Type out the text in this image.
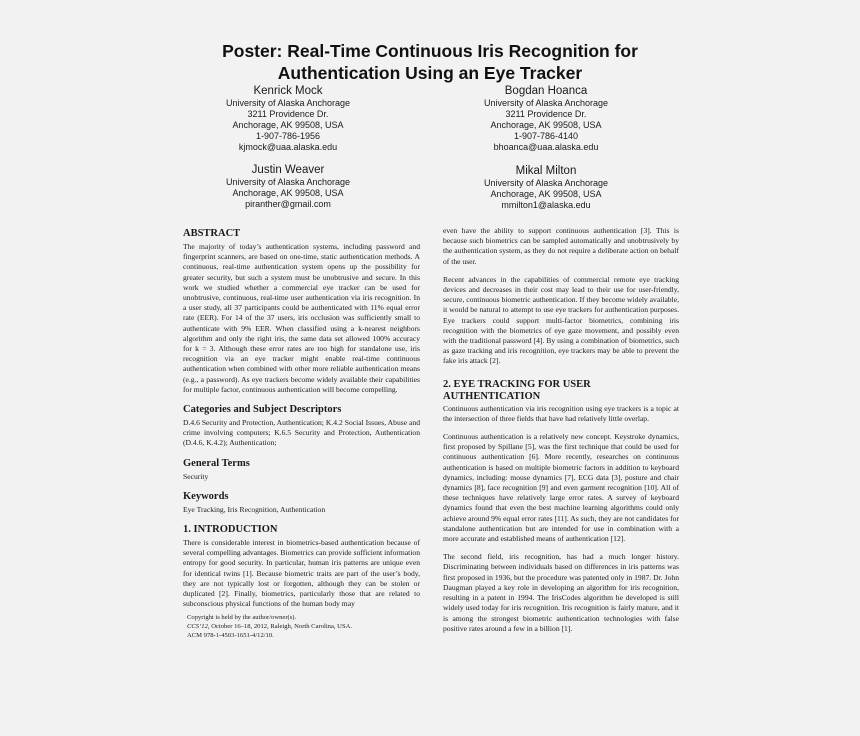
Poster: Real-Time Continuous Iris Recognition for
Authentication Using an Eye Tracker
Kenrick Mock
University of Alaska Anchorage
3211 Providence Dr.
Anchorage, AK 99508, USA
1-907-786-1956
kjmock@uaa.alaska.edu
Bogdan Hoanca
University of Alaska Anchorage
3211 Providence Dr.
Anchorage, AK 99508, USA
1-907-786-4140
bhoanca@uaa.alaska.edu
Justin Weaver
University of Alaska Anchorage
Anchorage, AK 99508, USA
piranther@gmail.com
Mikal Milton
University of Alaska Anchorage
Anchorage, AK 99508, USA
mmilton1@alaska.edu
ABSTRACT

The majority of today’s authentication systems, including password and fingerprint scanners, are based on one-time, static authentication methods. A continuous, real-time authentication system opens up the possibility for greater security, but such a system must be unobtrusive and secure. In this work we studied whether a commercial eye tracker can be used for unobtrusive, continuous, real-time user authentication via iris recognition. In a user study, all 37 participants could be authenticated with 11% equal error rate (EER). For 14 of the 37 users, iris occlusion was sufficiently small to authenticate with 9% EER. When classified using a k-nearest neighbors algorithm and only the right iris, the same data set allowed 100% accuracy for k = 3. Although these error rates are too high for standalone use, iris recognition via an eye tracker might enable real-time continuous authentication when combined with other more reliable authentication means (e.g., a password). As eye trackers become widely available their capabilities for multiple factor, continuous authentication will become compelling.

Categories and Subject Descriptors

D.4.6 Security and Protection, Authentication; K.4.2 Social Issues, Abuse and crime involving computers; K.6.5 Security and Protection, Authentication (D.4.6, K.4.2); Authentication;

General Terms

Security

Keywords

Eye Tracking, Iris Recognition, Authentication

1. INTRODUCTION

There is considerable interest in biometrics-based authentication because of several compelling advantages. Biometrics can provide sufficient information entropy for good security. In particular, human iris patterns are unique even for identical twins [1]. Because biometric traits are part of the user’s body, they are not typically lost or forgotten, although they can be stolen or duplicated [2]. Finally, biometrics, particularly those that are related to subconscious physical functions of the human body may

Copyright is held by the author/owner(s).
CCS’12, October 16–18, 2012, Raleigh, North Carolina, USA.
ACM 978-1-4503-1651-4/12/10.

even have the ability to support continuous authentication [3]. This is because such biometrics can be sampled automatically and unobtrusively by the authentication system, as they do not require a deliberate action on behalf of the user.

Recent advances in the capabilities of commercial remote eye tracking devices and decreases in their cost may lead to their use for user-friendly, secure, continuous biometric authentication. If they become widely available, it would be natural to attempt to use eye trackers for authentication purposes. Eye trackers could support multi-factor biometrics, combining iris recognition with the biometrics of eye gaze movement, and possibly even with the traditional password [4]. By using a combination of biometrics, such as gaze tracking and iris recognition, eye trackers may be able to prevent the fake iris attack [2].

2. EYE TRACKING FOR USER
AUTHENTICATION

Continuous authentication via iris recognition using eye trackers is a topic at the intersection of three fields that have had relatively little overlap.

Continuous authentication is a relatively new concept. Keystroke dynamics, first proposed by Spillane [5], was the first technique that could be used for continuous authentication [6]. More recently, researches on continuous authentication is based on multiple biometric factors in addition to keyboard dynamics, including: mouse dynamics [7], ECG data [3], posture and chair dynamics [8], face recognition [9] and even garment recognition [10]. All of these techniques have relatively large error rates. A survey of keyboard dynamics found that even the best machine learning algorithms could only achieve around 9% equal error rates [11]. As such, they are not candidates for standalone authentication but are intended for use in combination with a more accurate and established means of authentication [12].

The second field, iris recognition, has had a much longer history. Discriminating between individuals based on differences in iris patterns was first proposed in 1936, but the procedure was patented only in 1987. Dr. John Daugman played a key role in developing an algorithm for iris recognition, resulting in a patent in 1994. The IrisCodes algorithm he developed is still widely used today for iris recognition. Iris recognition is fairly mature, and it is among the strongest biometric authentication technologies with false positive rates around a few in a billion [1].
